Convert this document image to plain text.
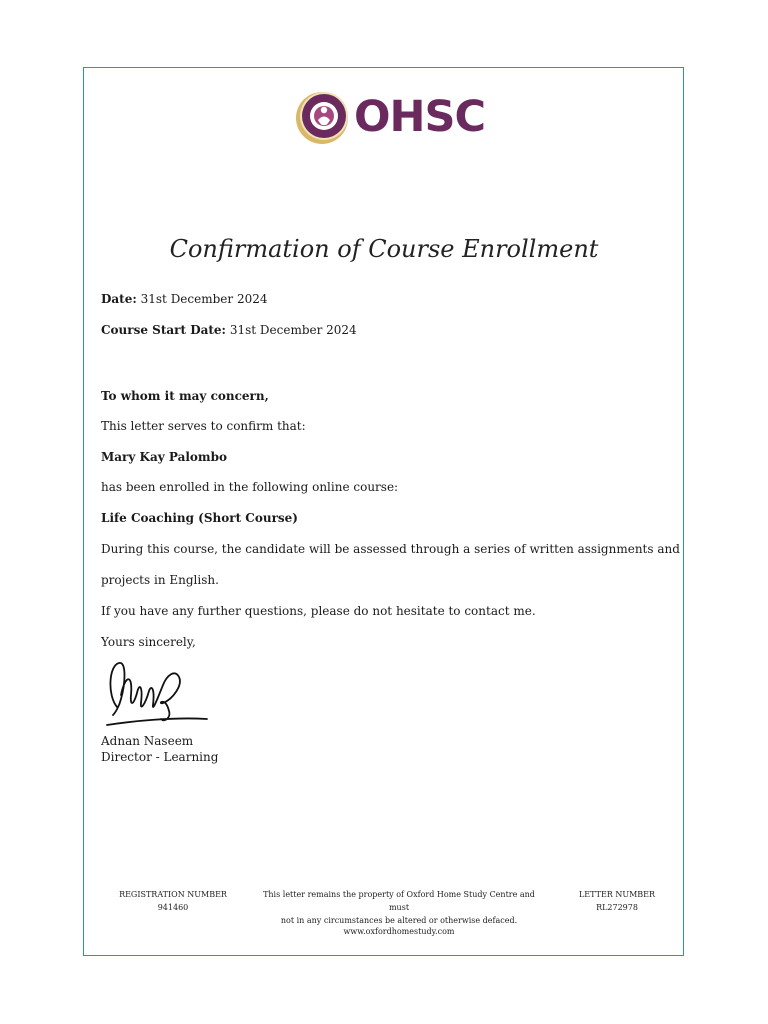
OHSC
Confirmation of Course Enrollment
Date: 31st December 2024
Course Start Date: 31st December 2024
To whom it may concern,
This letter serves to confirm that:
Mary Kay Palombo
has been enrolled in the following online course:
Life Coaching (Short Course)
During this course, the candidate will be assessed through a series of written assignments and
projects in English.
If you have any further questions, please do not hesitate to contact me.
Yours sincerely,
Adnan Naseem
Director - Learning
REGISTRATION NUMBER
941460
This letter remains the property of Oxford Home Study Centre and must
not in any circumstances be altered or otherwise defaced.
LETTER NUMBER
RL272978
www.oxfordhomestudy.com
